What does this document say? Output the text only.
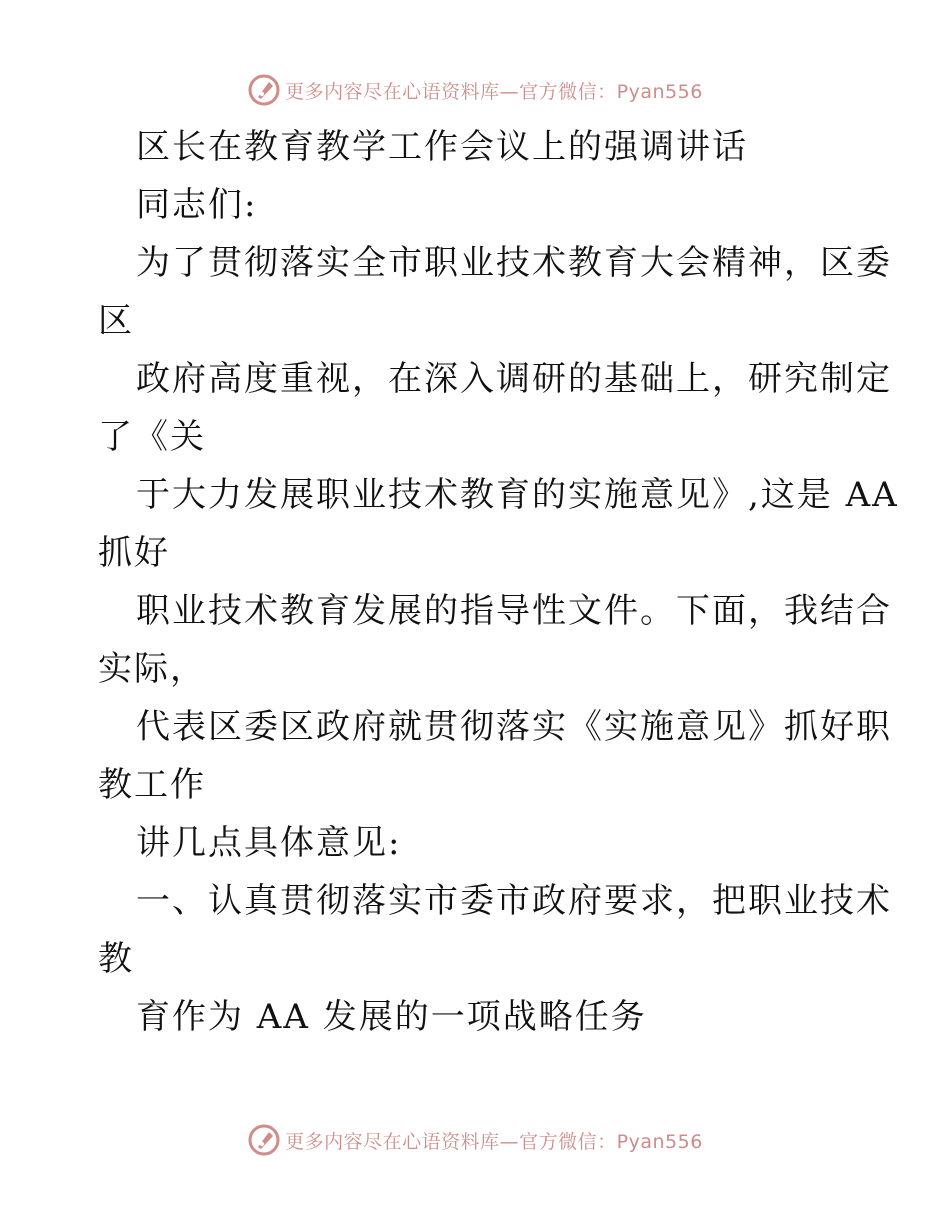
更多内容尽在心语资料库—官方微信：Pyan556
区长在教育教学工作会议上的强调讲话
同志们:
为了贯彻落实全市职业技术教育大会精神，区委
区
政府高度重视，在深入调研的基础上，研究制定
了《关
于大力发展职业技术教育的实施意见》,这是 AA
抓好
职业技术教育发展的指导性文件。下面，我结合
实际，
代表区委区政府就贯彻落实《实施意见》抓好职
教工作
讲几点具体意见:
一、认真贯彻落实市委市政府要求，把职业技术
教
育作为 AA 发展的一项战略任务
更多内容尽在心语资料库—官方微信：Pyan556
